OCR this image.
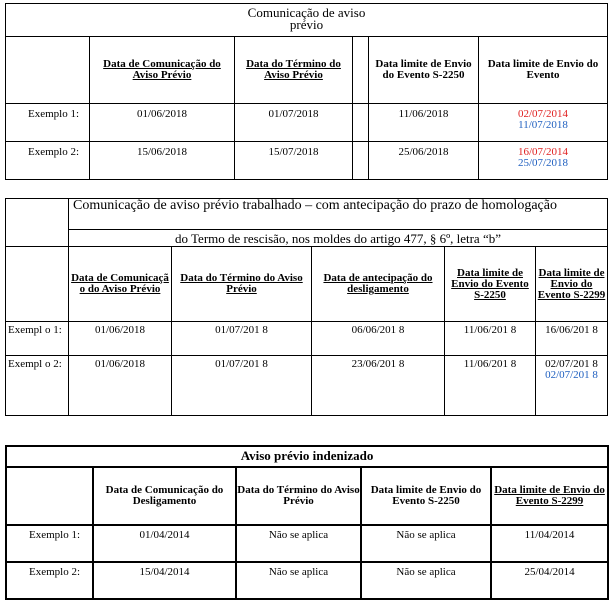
Comunicação de aviso
prévio					

	Data de Comunicação do Aviso Prévio	Data do Término do Aviso Prévio		Data limite de Envio do Evento S-2250	Data limite de Envio do Evento
Exemplo 1:	01/06/2018	01/07/2018		11/06/2018	02/07/2014
11/07/2018

Exemplo 2:	15/06/2018	15/07/2018		25/06/2018	16/07/2014
25/07/2018
	Comunicação de aviso prévio trabalhado – com antecipação do prazo de homologação				
	do Termo de rescisão, nos moldes do artigo 477, § 6º, letra “b”				
	Data de Comunicaçã o do Aviso Prévio	Data do Término do Aviso Prévio	Data de antecipação do desligamento	Data limite de Envio do Evento S-2250	Data limite de Envio do Evento S-2299
Exempl o 1:	01/06/2018	01/07/201 8	06/06/201 8	11/06/201 8	16/06/201 8

Exempl o 2:	01/06/2018	01/07/201 8	23/06/201 8	11/06/201 8	02/07/201 8
02/07/201 8
Aviso prévio indenizado				
	Data de Comunicação do Desligamento	Data do Término do Aviso Prévio	Data limite de Envio do Evento S-2250	Data limite de Envio do Evento S-2299
Exemplo 1:	01/04/2014	Não se aplica	Não se aplica	11/04/2014
Exemplo 2:	15/04/2014	Não se aplica	Não se aplica	25/04/2014
